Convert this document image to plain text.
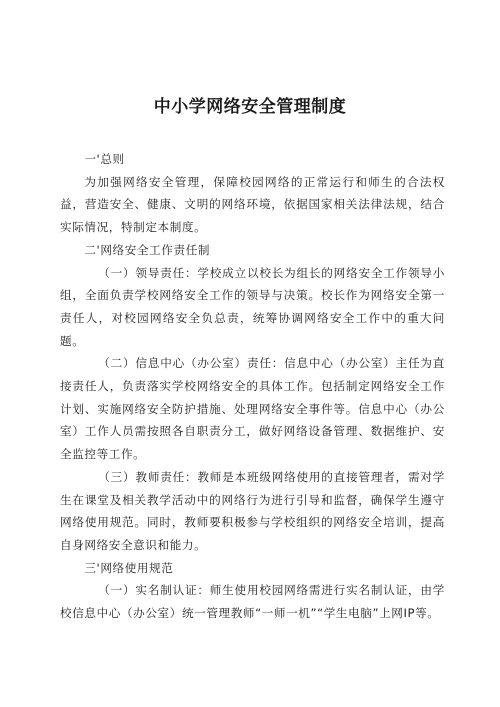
中小学网络安全管理制度

一'总则

为加强网络安全管理，保障校园网络的正常运行和师生的合法权益，营造安全、健康、文明的网络环境，依据国家相关法律法规，结合实际情况，特制定本制度。

二'网络安全工作责任制

（一）领导责任：学校成立以校长为组长的网络安全工作领导小组，全面负责学校网络安全工作的领导与决策。校长作为网络安全第一责任人，对校园网络安全负总责，统筹协调网络安全工作中的重大问题。

（二）信息中心（办公室）责任：信息中心（办公室）主任为直接责任人，负责落实学校网络安全的具体工作。包括制定网络安全工作计划、实施网络安全防护措施、处理网络安全事件等。信息中心（办公室）工作人员需按照各自职责分工，做好网络设备管理、数据维护、安全监控等工作。

（三）教师责任：教师是本班级网络使用的直接管理者，需对学生在课堂及相关教学活动中的网络行为进行引导和监督，确保学生遵守网络使用规范。同时，教师要积极参与学校组织的网络安全培训，提高自身网络安全意识和能力。

三'网络使用规范

（一）实名制认证：师生使用校园网络需进行实名制认证，由学校信息中心（办公室）统一管理教师“一师一机”“学生电脑”上网IP等。
